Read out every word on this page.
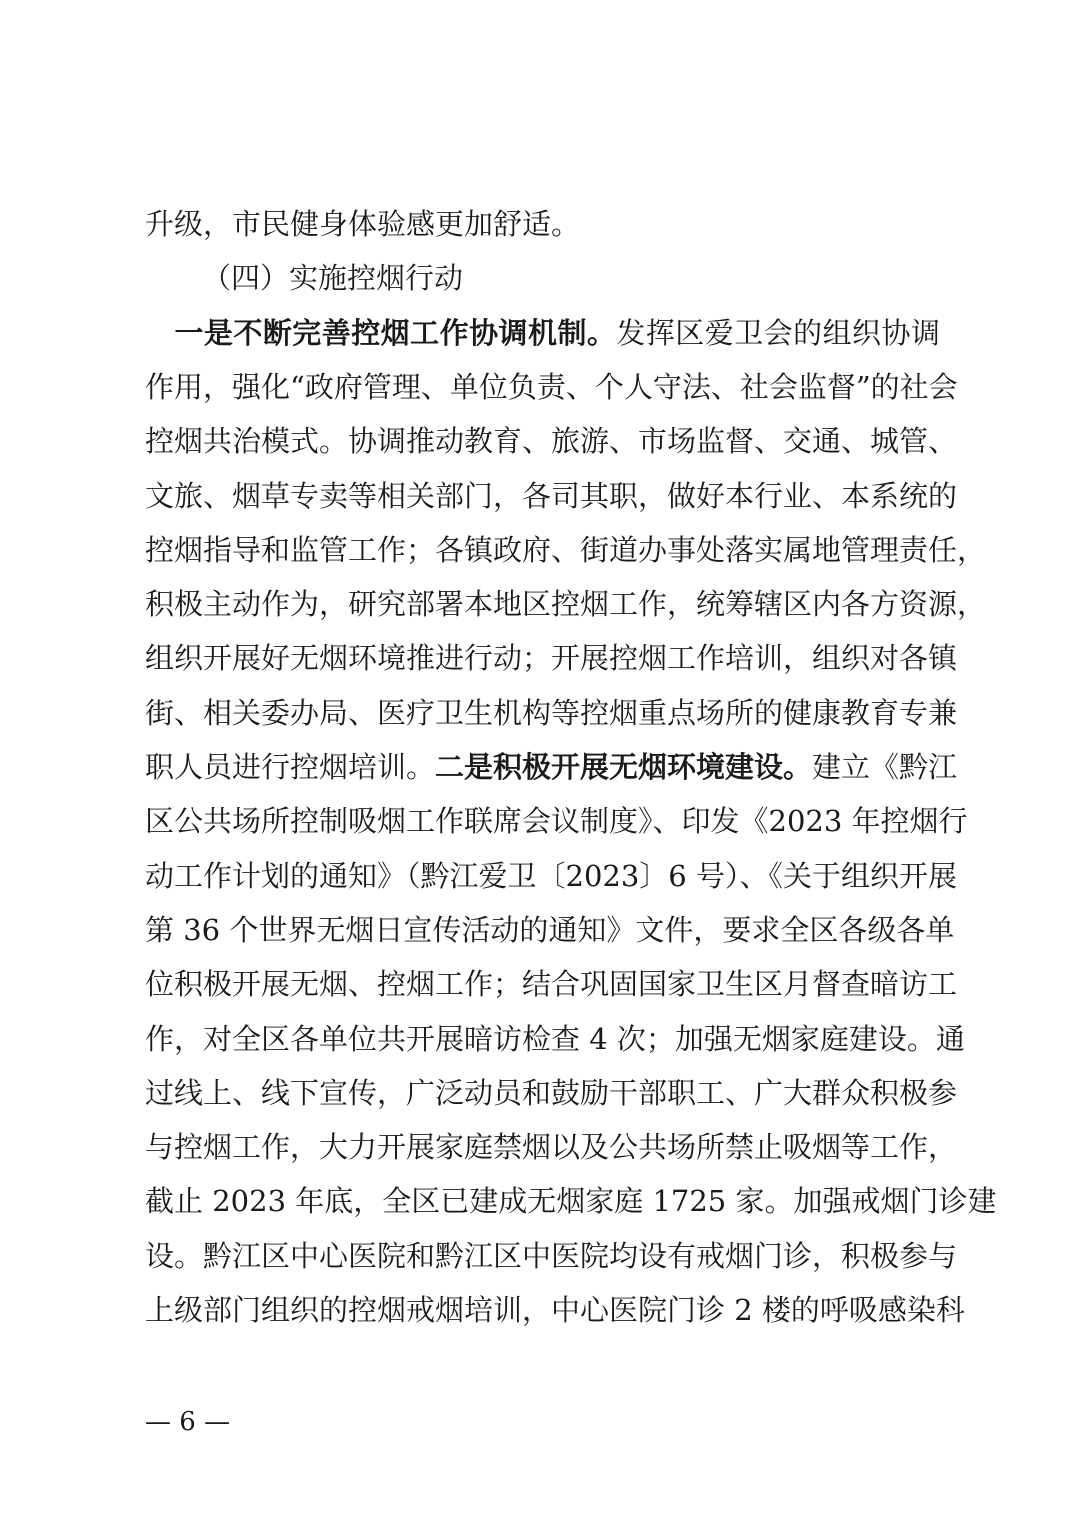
升级，市民健身体验感更加舒适。
（四）实施控烟行动
　一是不断完善控烟工作协调机制。发挥区爱卫会的组织协调
作用，强化“政府管理、单位负责、个人守法、社会监督”的社会
控烟共治模式。协调推动教育、旅游、市场监督、交通、城管、
文旅、烟草专卖等相关部门，各司其职，做好本行业、本系统的
控烟指导和监管工作；各镇政府、街道办事处落实属地管理责任，
积极主动作为，研究部署本地区控烟工作，统筹辖区内各方资源，
组织开展好无烟环境推进行动；开展控烟工作培训，组织对各镇
街、相关委办局、医疗卫生机构等控烟重点场所的健康教育专兼
职人员进行控烟培训。二是积极开展无烟环境建设。建立《黔江
区公共场所控制吸烟工作联席会议制度》、印发《2023 年控烟行
动工作计划的通知》（黔江爱卫〔2023〕6 号）、《关于组织开展
第 36 个世界无烟日宣传活动的通知》文件，要求全区各级各单
位积极开展无烟、控烟工作；结合巩固国家卫生区月督查暗访工
作，对全区各单位共开展暗访检查 4 次；加强无烟家庭建设。通
过线上、线下宣传，广泛动员和鼓励干部职工、广大群众积极参
与控烟工作，大力开展家庭禁烟以及公共场所禁止吸烟等工作，
截止 2023 年底，全区已建成无烟家庭 1725 家。加强戒烟门诊建
设。黔江区中心医院和黔江区中医院均设有戒烟门诊，积极参与
上级部门组织的控烟戒烟培训，中心医院门诊 2 楼的呼吸感染科
— 6 —
